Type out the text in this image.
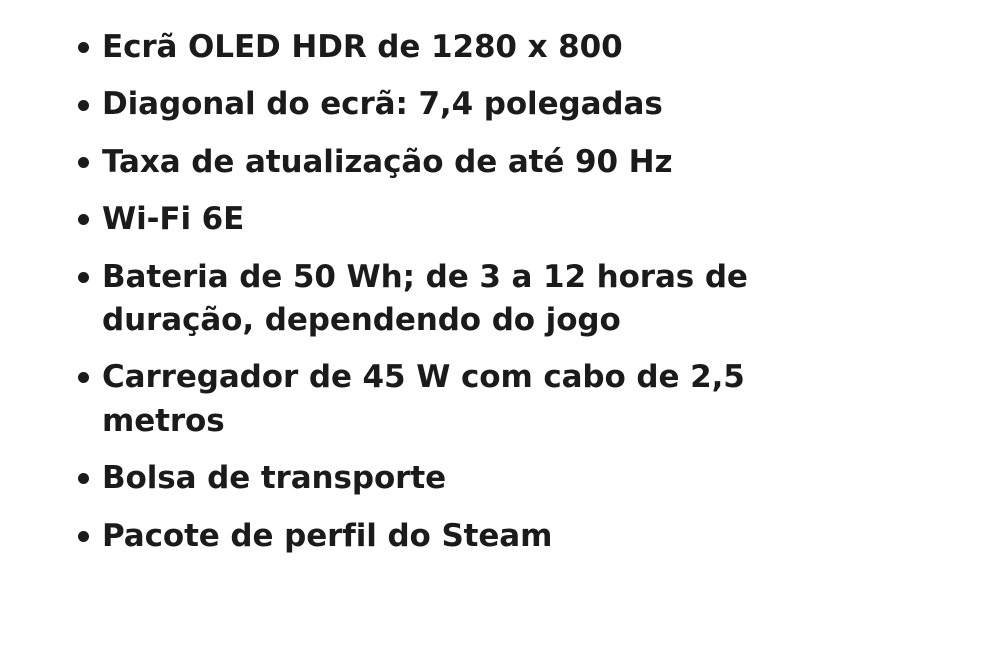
Ecrã OLED HDR de 1280 x 800
Diagonal do ecrã: 7,4 polegadas
Taxa de atualização de até 90 Hz
Wi-Fi 6E
Bateria de 50 Wh; de 3 a 12 horas de duração, dependendo do jogo
Carregador de 45 W com cabo de 2,5 metros
Bolsa de transporte
Pacote de perfil do Steam
